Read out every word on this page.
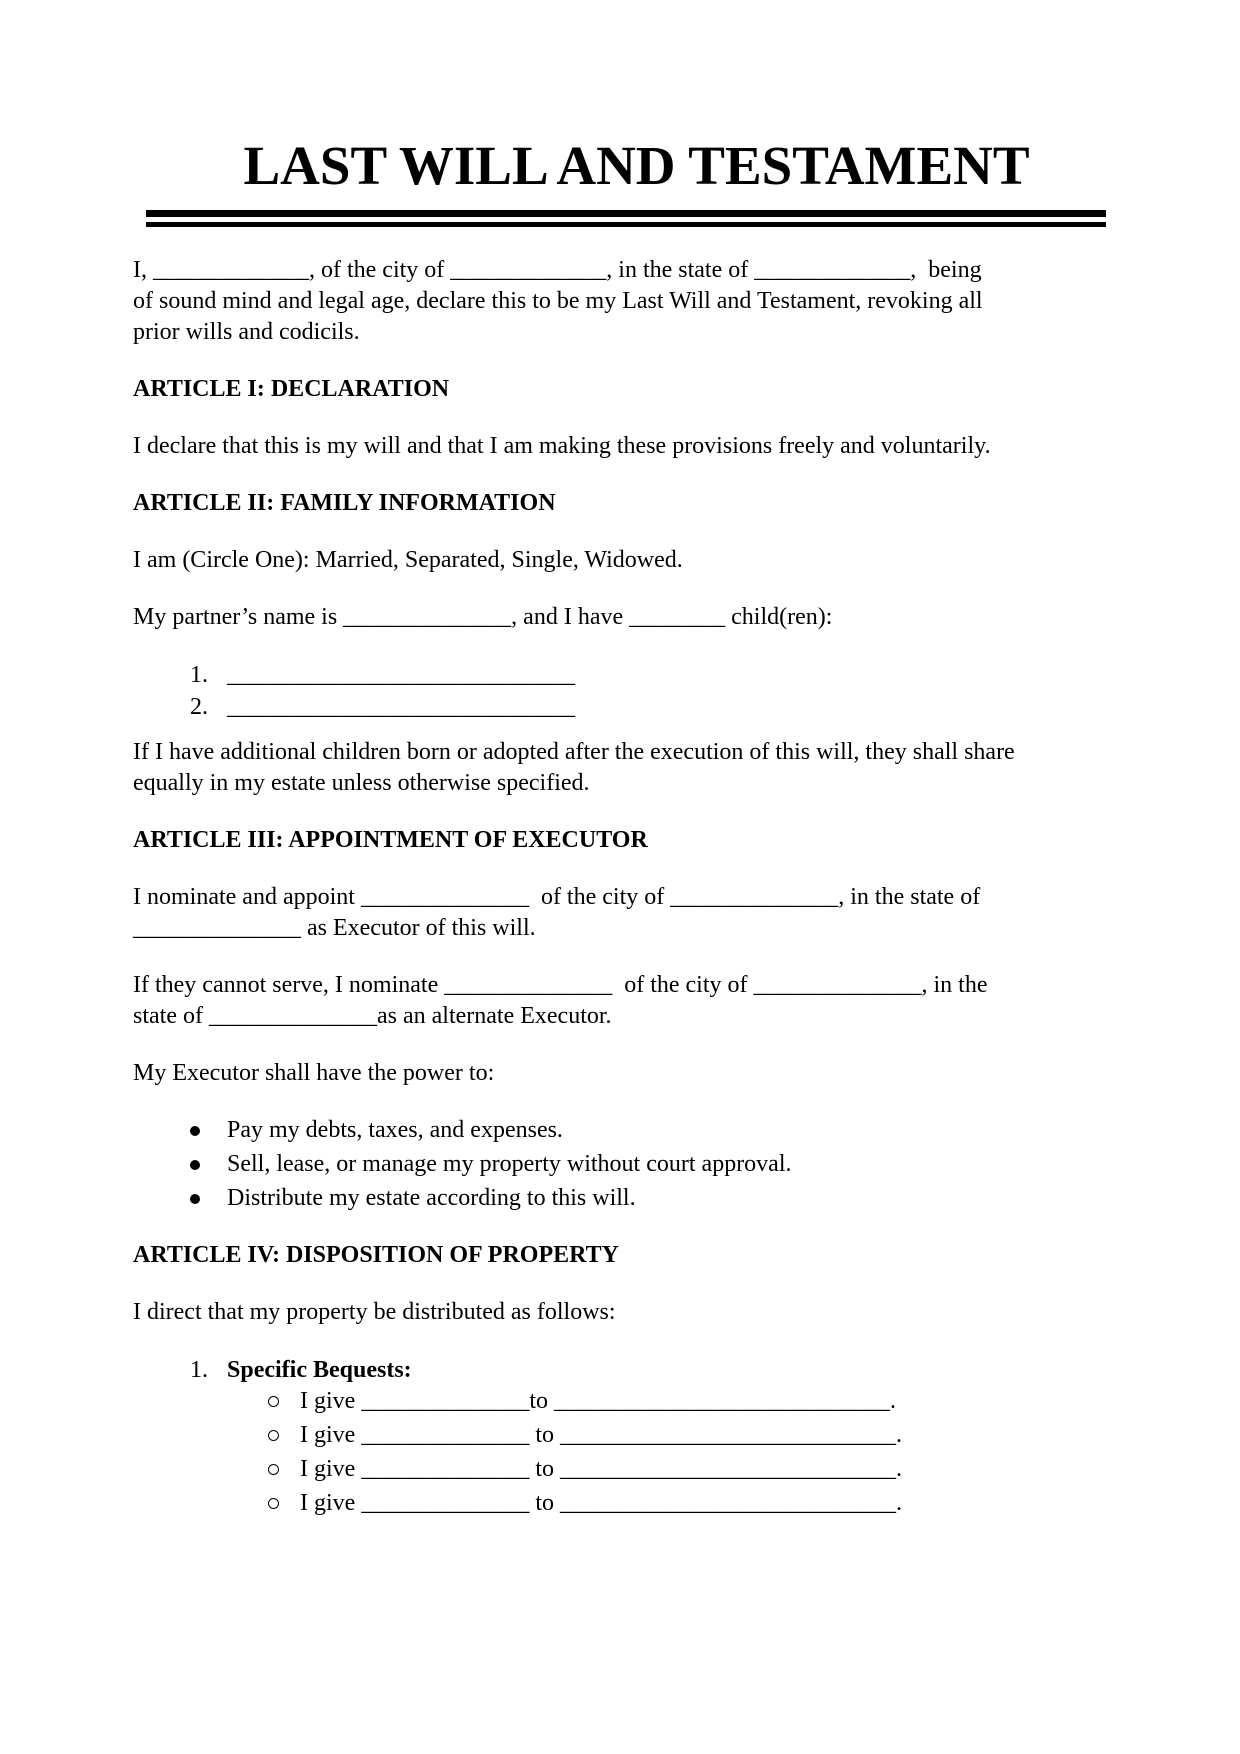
LAST WILL AND TESTAMENT
I, _____________, of the city of _____________, in the state of _____________,  being
of sound mind and legal age, declare this to be my Last Will and Testament, revoking all
prior wills and codicils.
ARTICLE I: DECLARATION
I declare that this is my will and that I am making these provisions freely and voluntarily.
ARTICLE II: FAMILY INFORMATION
I am (Circle One): Married, Separated, Single, Widowed.
My partner’s name is ______________, and I have ________ child(ren):
1. _____________________________
2. _____________________________
If I have additional children born or adopted after the execution of this will, they shall share
equally in my estate unless otherwise specified.
ARTICLE III: APPOINTMENT OF EXECUTOR
I nominate and appoint ______________  of the city of ______________, in the state of
______________ as Executor of this will.
If they cannot serve, I nominate ______________  of the city of ______________, in the
state of ______________as an alternate Executor.
My Executor shall have the power to:
Pay my debts, taxes, and expenses.
Sell, lease, or manage my property without court approval.
Distribute my estate according to this will.
ARTICLE IV: DISPOSITION OF PROPERTY
I direct that my property be distributed as follows:
1. Specific Bequests:
I give ______________to ____________________________.
I give ______________ to ____________________________.
I give ______________ to ____________________________.
I give ______________ to ____________________________.
